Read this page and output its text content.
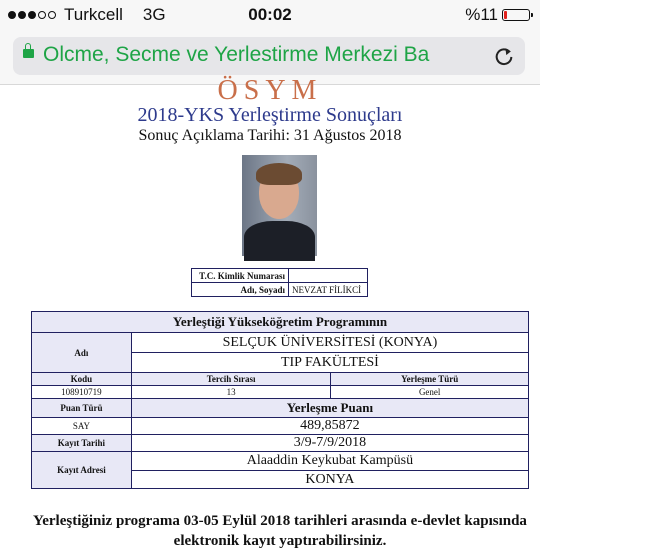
Turkcell 3G	00:02	%11
Olcme, Secme ve Yerlestirme Merkezi Ba
ÖSYM
2018-YKS Yerleştirme Sonuçları
Sonuç Açıklama Tarihi: 31 Ağustos 2018
T.C. Kimlik Numarası	
Adı, Soyadı	NEVZAT FİLİKCİ
Yerleştiği Yükseköğretim Programının		
Adı	SELÇUK ÜNİVERSİTESİ (KONYA)	
	TIP FAKÜLTESİ	
Kodu	Tercih Sırası	Yerleşme Türü
108910719	13	Genel
Puan Türü	Yerleşme Puanı	
SAY	489,85872	
Kayıt Tarihi	3/9-7/9/2018	
Kayıt Adresi	Alaaddin Keykubat Kampüsü	
	KONYA	
Yerleştiğiniz programa 03-05 Eylül 2018 tarihleri arasında e-devlet kapısında
elektronik kayıt yaptırabilirsiniz.
